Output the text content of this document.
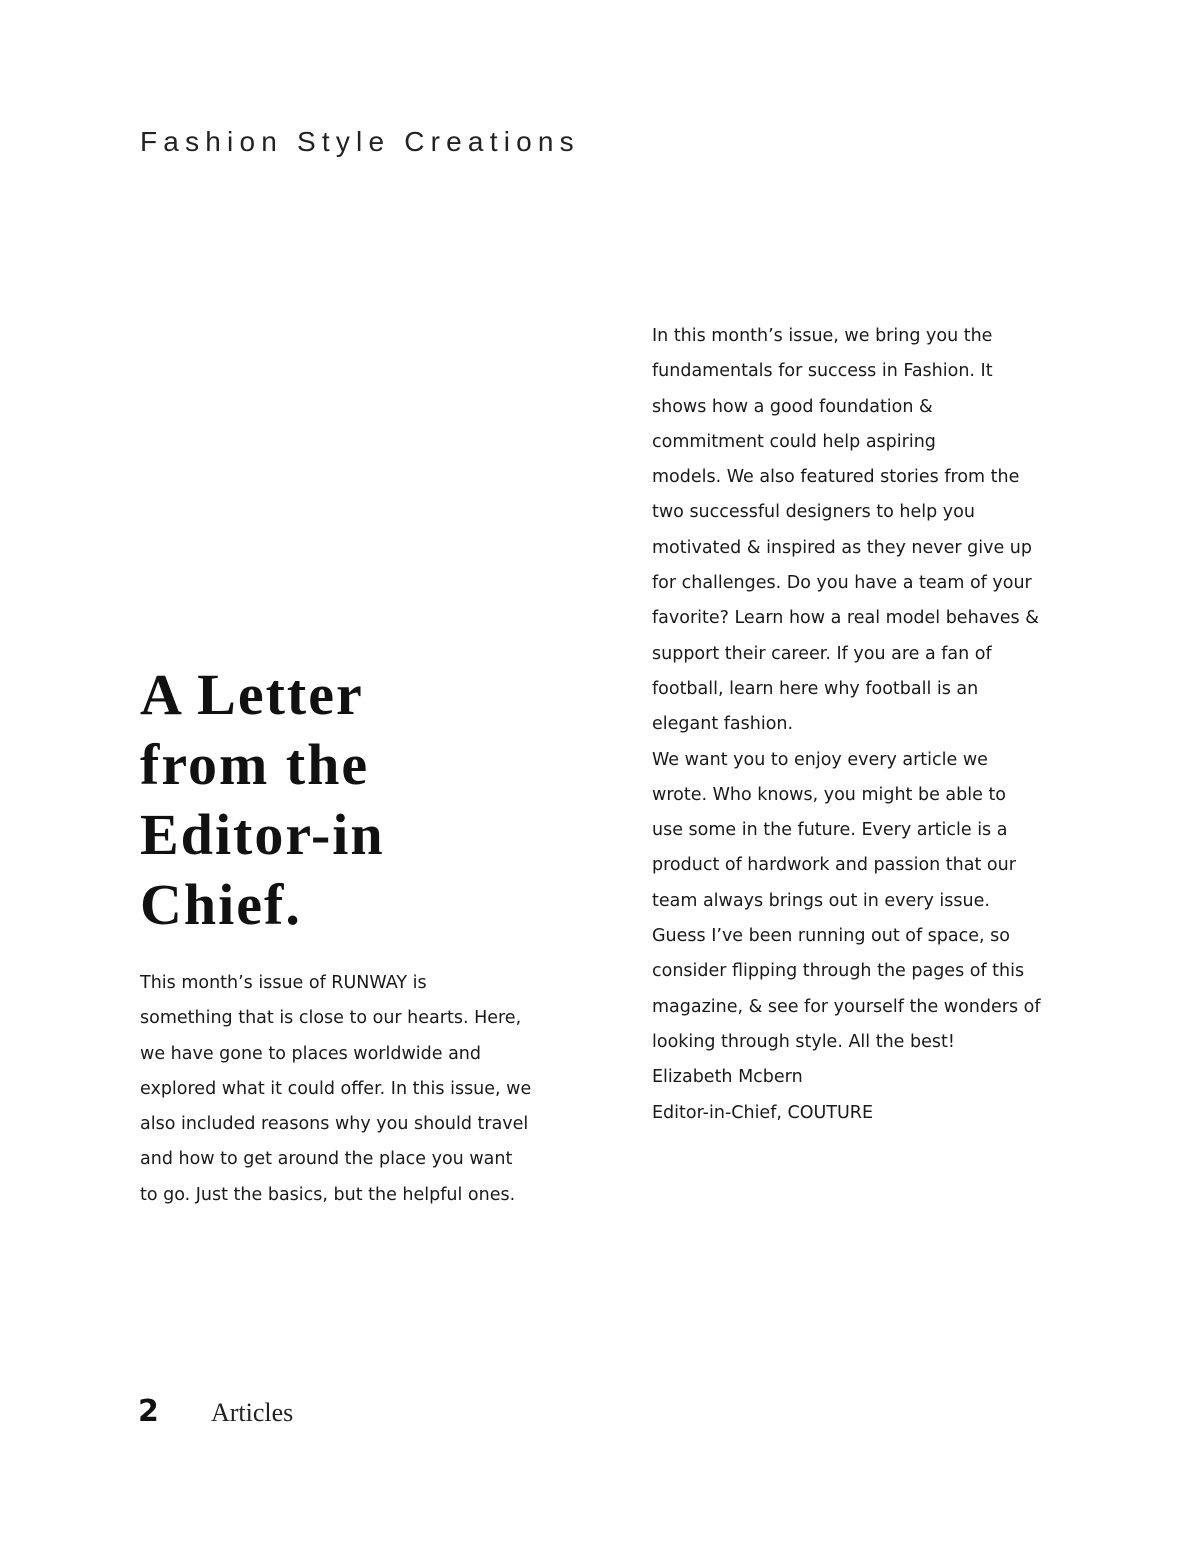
Fashion Style Creations
A Letter
from the
Editor-in
Chief.
This month’s issue of RUNWAY is
something that is close to our hearts. Here,
we have gone to places worldwide and
explored what it could offer. In this issue, we
also included reasons why you should travel
and how to get around the place you want
to go. Just the basics, but the helpful ones.
In this month’s issue, we bring you the
fundamentals for success in Fashion. It
shows how a good foundation &
commitment could help aspiring
models. We also featured stories from the
two successful designers to help you
motivated & inspired as they never give up
for challenges. Do you have a team of your
favorite? Learn how a real model behaves &
support their career. If you are a fan of
football, learn here why football is an
elegant fashion.
We want you to enjoy every article we
wrote. Who knows, you might be able to
use some in the future. Every article is a
product of hardwork and passion that our
team always brings out in every issue.
Guess I’ve been running out of space, so
consider flipping through the pages of this
magazine, & see for yourself the wonders of
looking through style. All the best!
Elizabeth Mcbern
Editor-in-Chief, COUTURE
2 Articles
